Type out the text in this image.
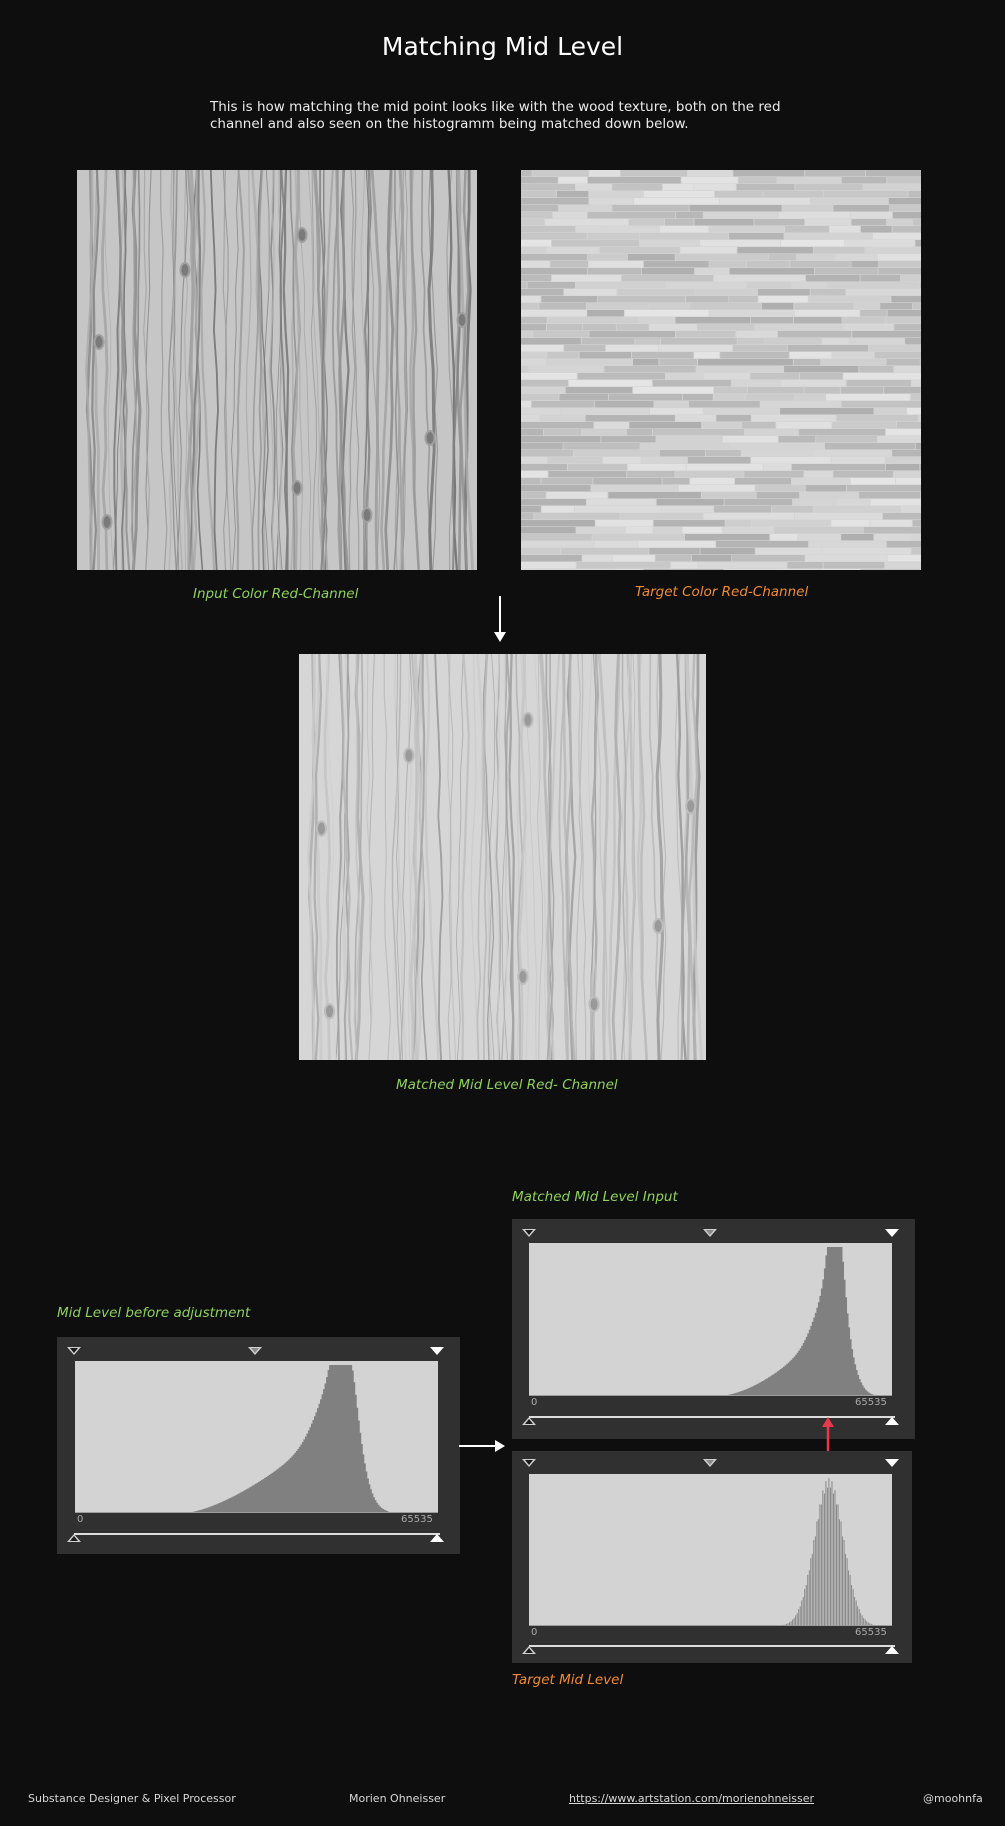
Matching Mid Level
This is how matching the mid point looks like with the wood texture, both on the red channel and also seen on the histogramm being matched down below.
Input Color Red-Channel	Target Color Red-Channel
Matched Mid Level Red- Channel
Mid Level before adjustment
0	65535
Matched Mid Level Input
0	65535
0	65535
Target Mid Level
Substance Designer & Pixel Processor	Morien Ohneisser	https://www.artstation.com/morienohneisser	@moohnfa
